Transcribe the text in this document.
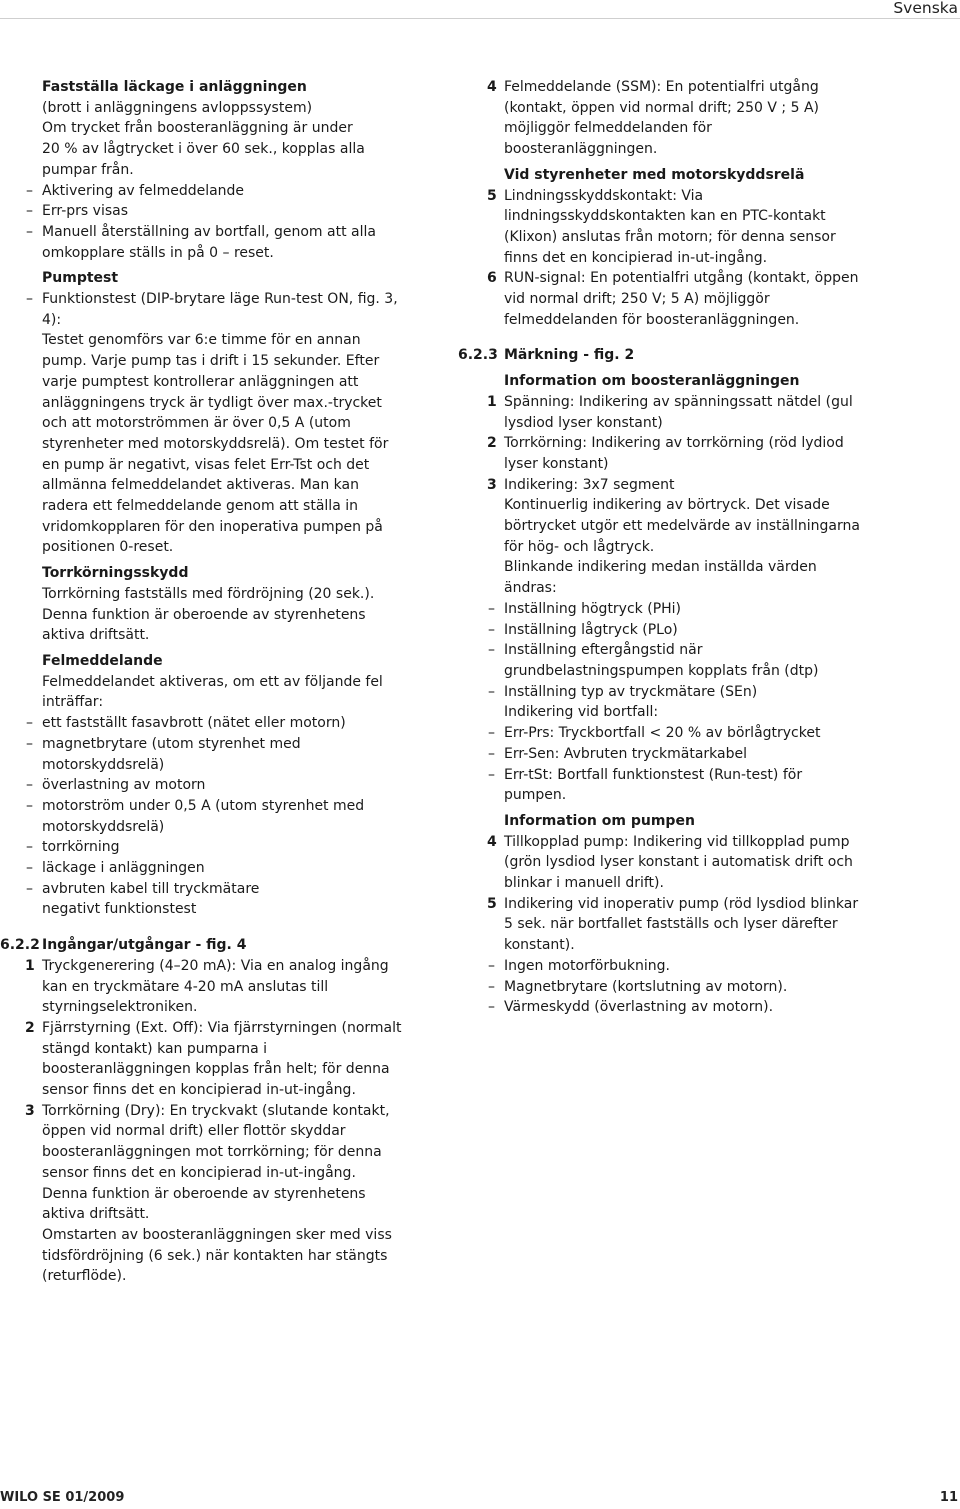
Svenska

Fastställa läckage i anläggningen

(brott i anläggningens avloppssystem)

Om trycket från boosteranläggning är under

20 % av lågtrycket i över 60 sek., kopplas alla

pumpar från.

– Aktivering av felmeddelande
– Err-prs visas
– Manuell återställning av bortfall, genom att alla omkopplare ställs in på 0 – reset.

Pumptest

– Funktionstest (DIP-brytare läge Run-test ON, fig. 3, 4):

Testet genomförs var 6:e timme för en annan pump. Varje pump tas i drift i 15 sekunder. Efter varje pumptest kontrollerar anläggningen att anläggningens tryck är tydligt över max.-trycket och att motorströmmen är över 0,5 A (utom styrenheter med motorskyddsrelä). Om testet för en pump är negativt, visas felet Err-Tst och det allmänna felmeddelandet aktiveras. Man kan radera ett felmeddelande genom att ställa in vridomkopplaren för den inoperativa pumpen på positionen 0-reset.

Torrkörningsskydd

Torrkörning fastställs med fördröjning (20 sek.). Denna funktion är oberoende av styrenhetens aktiva driftsätt.

Felmeddelande

Felmeddelandet aktiveras, om ett av följande fel inträffar:

– ett fastställt fasavbrott (nätet eller motorn)
– magnetbrytare (utom styrenhet med motorskyddsrelä)
– överlastning av motorn
– motorström under 0,5 A (utom styrenhet med motorskyddsrelä)
– torrkörning
– läckage i anläggningen
– avbruten kabel till tryckmätare

negativt funktionstest

6.2.2 Ingångar/utgångar - fig. 4
1 Tryckgenerering (4–20 mA): Via en analog ingång kan en tryckmätare 4-20 mA anslutas till styrningselektroniken.
2 Fjärrstyrning (Ext. Off): Via fjärrstyrningen (normalt stängd kontakt) kan pumparna i boosteranläggningen kopplas från helt; för denna sensor finns det en koncipierad in-ut-ingång.
3 Torrkörning (Dry): En tryckvakt (slutande kontakt, öppen vid normal drift) eller flottör skyddar boosteranläggningen mot torrkörning; för denna sensor finns det en koncipierad in-ut-ingång.

Denna funktion är oberoende av styrenhetens aktiva driftsätt.

Omstarten av boosteranläggningen sker med viss tidsfördröjning (6 sek.) när kontakten har stängts (returflöde).

4 Felmeddelande (SSM): En potentialfri utgång (kontakt, öppen vid normal drift; 250 V ; 5 A) möjliggör felmeddelanden för boosteranläggningen.

Vid styrenheter med motorskyddsrelä

5 Lindningsskyddskontakt: Via lindningsskyddskontakten kan en PTC-kontakt (Klixon) anslutas från motorn; för denna sensor finns det en koncipierad in-ut-ingång.
6 RUN-signal: En potentialfri utgång (kontakt, öppen vid normal drift; 250 V; 5 A) möjliggör felmeddelanden för boosteranläggningen.
6.2.3 Märkning - fig. 2

Information om boosteranläggningen

1 Spänning: Indikering av spänningssatt nätdel (gul lysdiod lyser konstant)
2 Torrkörning: Indikering av torrkörning (röd lydiod lyser konstant)
3 Indikering: 3x7 segment

Kontinuerlig indikering av börtryck. Det visade börtrycket utgör ett medelvärde av inställningarna för hög- och lågtryck.

Blinkande indikering medan inställda värden ändras:

– Inställning högtryck (PHi)
– Inställning lågtryck (PLo)
– Inställning eftergångstid när grundbelastningspumpen kopplats från (dtp)
– Inställning typ av tryckmätare (SEn)

Indikering vid bortfall:

– Err-Prs: Tryckbortfall < 20 % av börlågtrycket
– Err-Sen: Avbruten tryckmätarkabel
– Err-tSt: Bortfall funktionstest (Run-test) för pumpen.

Information om pumpen

4 Tillkopplad pump: Indikering vid tillkopplad pump (grön lysdiod lyser konstant i automatisk drift och blinkar i manuell drift).
5 Indikering vid inoperativ pump (röd lysdiod blinkar 5 sek. när bortfallet fastställs och lyser därefter konstant).
– Ingen motorförbukning.
– Magnetbrytare (kortslutning av motorn).
– Värmeskydd (överlastning av motorn).
WILO SE 01/2009	11
